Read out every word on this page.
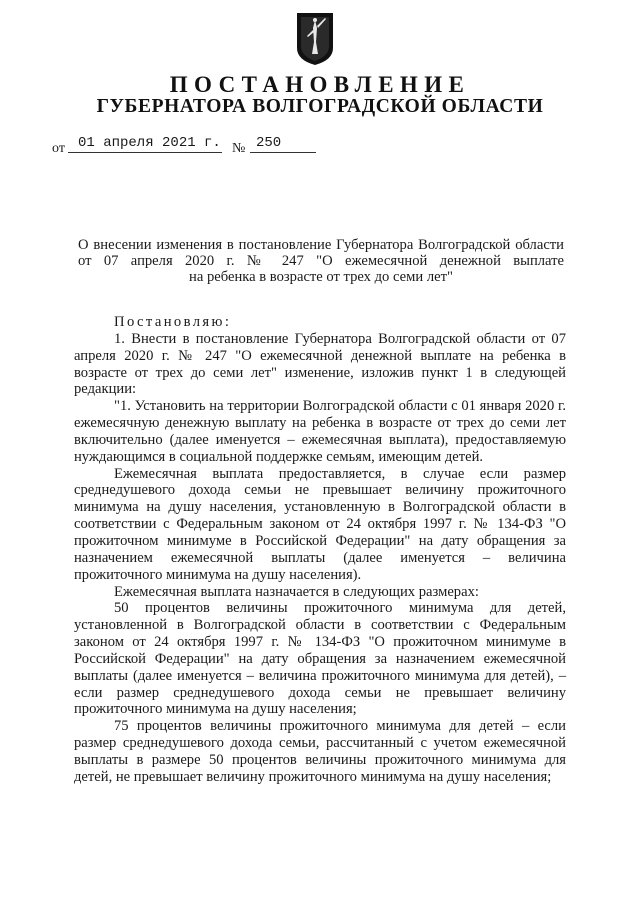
ПОСТАНОВЛЕНИЕ
ГУБЕРНАТОРА ВОЛГОГРАДСКОЙ ОБЛАСТИ
от 01 апреля 2021 г. № 250
О внесении изменения в постановление Губернатора Волгоградской области от 07 апреля 2020 г. № 247 "О ежемесячной денежной выплате
на ребенка в возрасте от трех до семи лет"

Постановляю:

1. Внести в постановление Губернатора Волгоградской области от 07 апреля 2020 г. № 247 "О ежемесячной денежной выплате на ребенка в возрасте от трех до семи лет" изменение, изложив пункт 1 в следующей редакции:

"1. Установить на территории Волгоградской области с 01 января 2020 г. ежемесячную денежную выплату на ребенка в возрасте от трех до семи лет включительно (далее именуется – ежемесячная выплата), предоставляемую нуждающимся в социальной поддержке семьям, имеющим детей.

Ежемесячная выплата предоставляется, в случае если размер среднедушевого дохода семьи не превышает величину прожиточного минимума на душу населения, установленную в Волгоградской области в соответствии с Федеральным законом от 24 октября 1997 г. № 134-ФЗ "О прожиточном минимуме в Российской Федерации" на дату обращения за назначением ежемесячной выплаты (далее именуется – величина прожиточного минимума на душу населения).

Ежемесячная выплата назначается в следующих размерах:

50 процентов величины прожиточного минимума для детей, установленной в Волгоградской области в соответствии с Федеральным законом от 24 октября 1997 г. № 134-ФЗ "О прожиточном минимуме в Российской Федерации" на дату обращения за назначением ежемесячной выплаты (далее именуется – величина прожиточного минимума для детей), – если размер среднедушевого дохода семьи не превышает величину прожиточного минимума на душу населения;

75 процентов величины прожиточного минимума для детей – если размер среднедушевого дохода семьи, рассчитанный с учетом ежемесячной выплаты в размере 50 процентов величины прожиточного минимума для детей, не превышает величину прожиточного минимума на душу населения;
